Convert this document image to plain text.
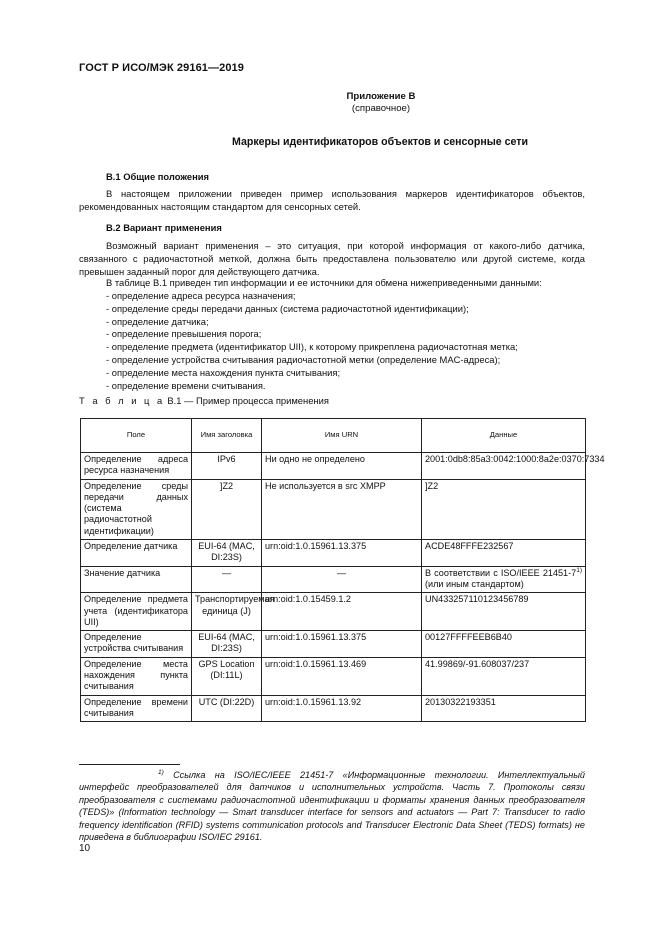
ГОСТ Р ИСО/МЭК 29161—2019
Приложение В
(справочное)
Маркеры идентификаторов объектов и сенсорные сети
В.1 Общие положения
В настоящем приложении приведен пример использования маркеров идентификаторов объектов, рекомендованных настоящим стандартом для сенсорных сетей.
В.2 Вариант применения
Возможный вариант применения – это ситуация, при которой информация от какого-либо датчика, связанного с радиочастотной меткой, должна быть предоставлена пользователю или другой системе, когда превышен заданный порог для действующего датчика.
В таблице В.1 приведен тип информации и ее источники для обмена нижеприведенными данными:
- определение адреса ресурса назначения;
- определение среды передачи данных (система радиочастотной идентификации);
- определение датчика;
- определение превышения порога;
- определение предмета (идентификатор UII), к которому прикреплена радиочастотная метка;
- определение устройства считывания радиочастотной метки (определение MAC-адреса);
- определение места нахождения пункта считывания;
- определение времени считывания.
Т а б л и ц а В.1 — Пример процесса применения
Поле	Имя заголовка	Имя URN	Данные
Определение адреса ресурса назначения	IPv6	Ни одно не определено	2001:0db8:85a3:0042:1000:8a2e:0370:7334
Определение среды передачи данных (система радиочастотной идентификации)	]Z2	Не используется в src XMPP	]Z2
Определение датчика	EUI-64 (MAC, DI:23S)	urn:oid:1.0.15961.13.375	ACDE48FFFE232567
Значение датчика	—	—	В соответствии с ISO/IEEE 21451-7$^{1)}$ (или иным стандартом)
Определение предмета учета (идентификатора UII)	Транспортируемая единица (J)	urn:oid:1.0.15459.1.2	UN433257110123456789
Определение устройства считывания	EUI-64 (MAC, DI:23S)	urn:oid:1.0.15961.13.375	00127FFFFEEB6B40
Определение места нахождения пункта считывания	GPS Location (DI:11L)	urn:oid:1.0.15961.13.469	41.99869/-91.608037/237
Определение времени считывания	UTC (DI:22D)	urn:oid:1.0.15961.13.92	20130322193351
$^{1)}$ Ссылка на ISO/IEC/IEEE 21451-7 «Информационные технологии. Интеллектуальный интерфейс преобразователей для датчиков и исполнительных устройств. Часть 7. Протоколы связи преобразователя с системами радиочастотной идентификации и форматы хранения данных преобразователя (TEDS)» (Information technology — Smart transducer interface for sensors and actuators — Part 7: Transducer to radio frequency identification (RFID) systems communication protocols and Transducer Electronic Data Sheet (TEDS) formats) не приведена в библиографии ISO/IEC 29161.
10
